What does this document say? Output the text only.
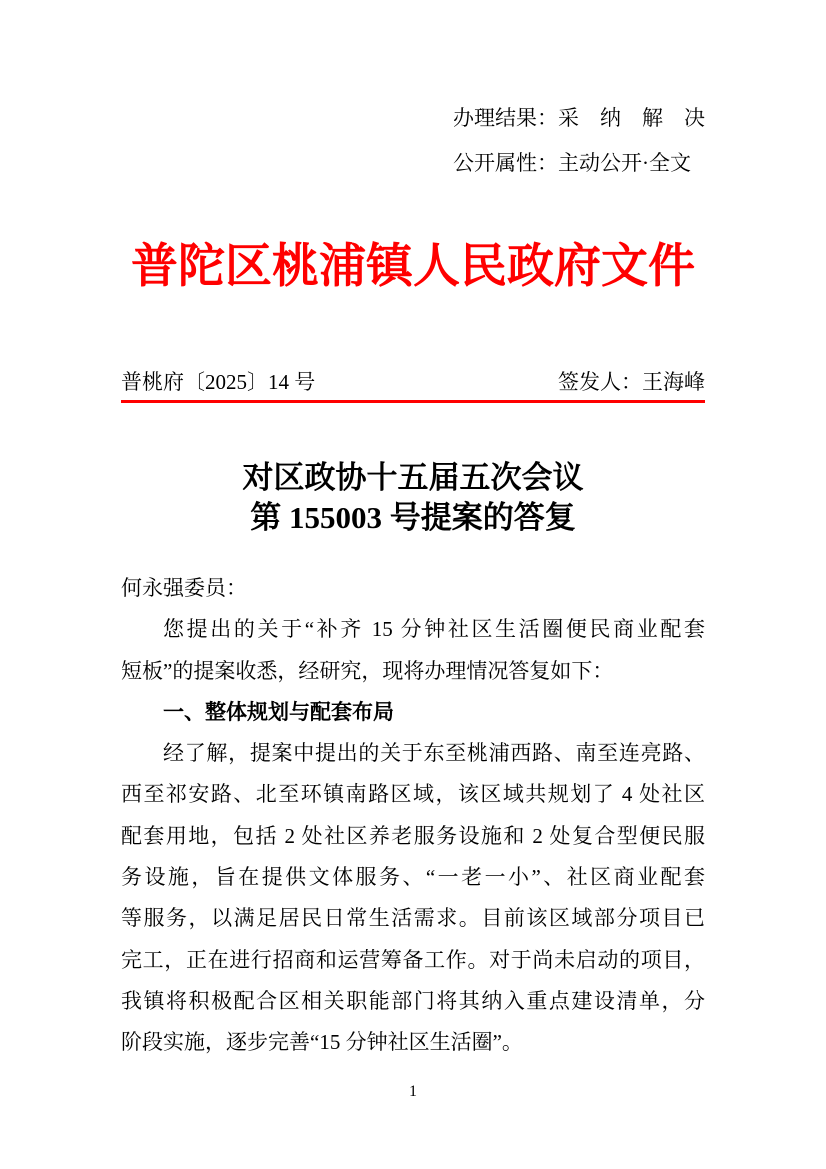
办理结果：采　纳　解　决
公开属性：主动公开·全文
普陀区桃浦镇人民政府文件
普桃府〔2025〕14 号	签发人：王海峰
对区政协十五届五次会议
第 155003 号提案的答复
何永强委员：
您提出的关于“补齐 15 分钟社区生活圈便民商业配套
短板”的提案收悉，经研究，现将办理情况答复如下：
一、整体规划与配套布局
经了解，提案中提出的关于东至桃浦西路、南至连亮路、
西至祁安路、北至环镇南路区域，该区域共规划了 4 处社区
配套用地，包括 2 处社区养老服务设施和 2 处复合型便民服
务设施，旨在提供文体服务、“一老一小”、社区商业配套
等服务，以满足居民日常生活需求。目前该区域部分项目已
完工，正在进行招商和运营筹备工作。对于尚未启动的项目，
我镇将积极配合区相关职能部门将其纳入重点建设清单，分
阶段实施，逐步完善“15 分钟社区生活圈”。
1
